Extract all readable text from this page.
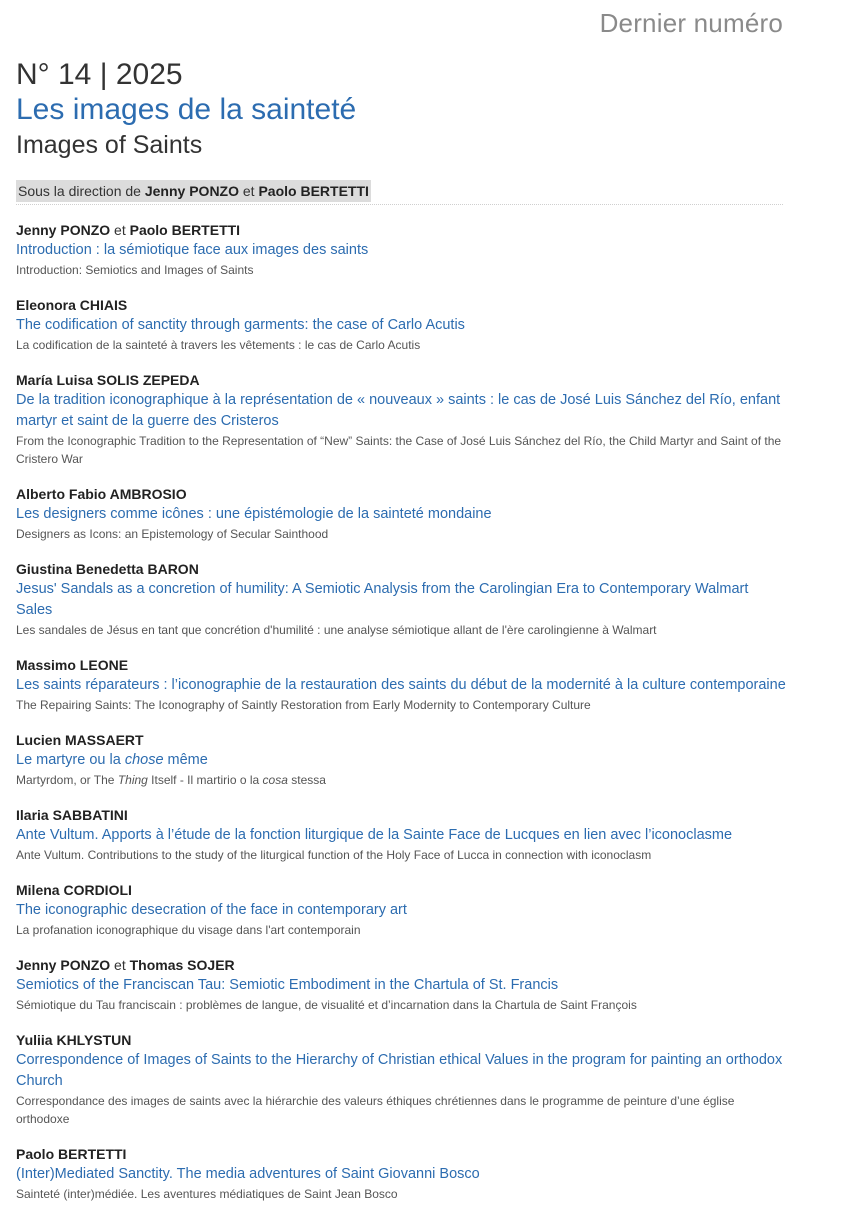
Dernier numéro
N° 14 | 2025
Les images de la sainteté
Images of Saints
Sous la direction de Jenny PONZO et Paolo BERTETTI
Jenny PONZO et Paolo BERTETTI
Introduction : la sémiotique face aux images des saints
Introduction: Semiotics and Images of Saints
Eleonora CHIAIS
The codification of sanctity through garments: the case of Carlo Acutis
La codification de la sainteté à travers les vêtements : le cas de Carlo Acutis
María Luisa SOLIS ZEPEDA
De la tradition iconographique à la représentation de « nouveaux » saints : le cas de José Luis Sánchez del Río, enfant martyr et saint de la guerre des Cristeros
From the Iconographic Tradition to the Representation of “New” Saints: the Case of José Luis Sánchez del Río, the Child Martyr and Saint of the Cristero War
Alberto Fabio AMBROSIO
Les designers comme icônes : une épistémologie de la sainteté mondaine
Designers as Icons: an Epistemology of Secular Sainthood
Giustina Benedetta BARON
Jesus' Sandals as a concretion of humility: A Semiotic Analysis from the Carolingian Era to Contemporary Walmart Sales
Les sandales de Jésus en tant que concrétion d'humilité : une analyse sémiotique allant de l'ère carolingienne à Walmart
Massimo LEONE
Les saints réparateurs : l’iconographie de la restauration des saints du début de la modernité à la culture contemporaine
The Repairing Saints: The Iconography of Saintly Restoration from Early Modernity to Contemporary Culture
Lucien MASSAERT
Le martyre ou la chose même
Martyrdom, or The Thing Itself - Il martirio o la cosa stessa
Ilaria SABBATINI
Ante Vultum. Apports à l’étude de la fonction liturgique de la Sainte Face de Lucques en lien avec l’iconoclasme
Ante Vultum. Contributions to the study of the liturgical function of the Holy Face of Lucca in connection with iconoclasm
Milena CORDIOLI
The iconographic desecration of the face in contemporary art
La profanation iconographique du visage dans l'art contemporain
Jenny PONZO et Thomas SOJER
Semiotics of the Franciscan Tau: Semiotic Embodiment in the Chartula of St. Francis
Sémiotique du Tau franciscain : problèmes de langue, de visualité et d’incarnation dans la Chartula de Saint François
Yuliia KHLYSTUN
Correspondence of Images of Saints to the Hierarchy of Christian ethical Values in the program for painting an orthodox Church
Correspondance des images de saints avec la hiérarchie des valeurs éthiques chrétiennes dans le programme de peinture d’une église orthodoxe
Paolo BERTETTI
(Inter)Mediated Sanctity. The media adventures of Saint Giovanni Bosco
Sainteté (inter)médiée. Les aventures médiatiques de Saint Jean Bosco
